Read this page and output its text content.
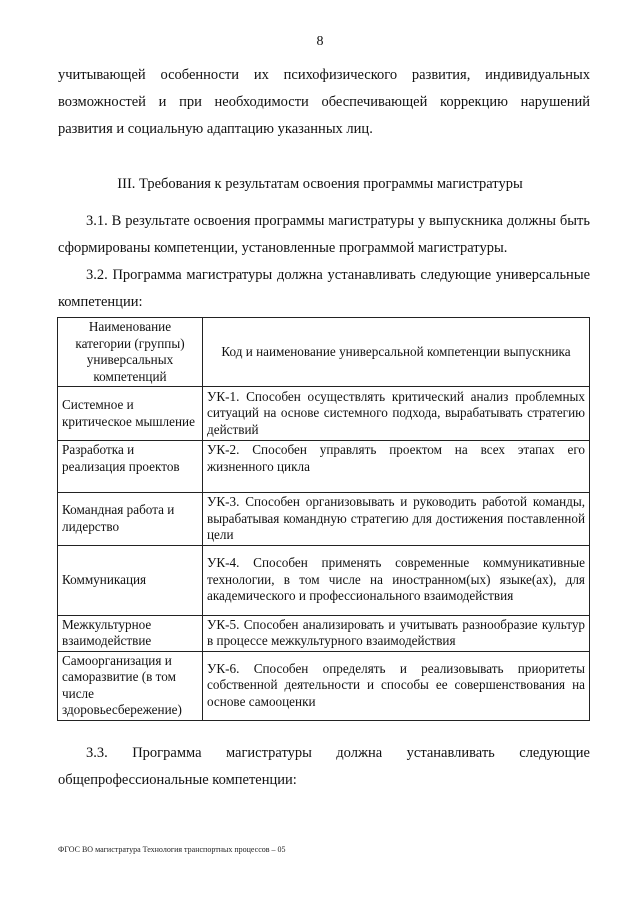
8
учитывающей особенности их психофизического развития, индивидуальных возможностей и при необходимости обеспечивающей коррекцию нарушений развития и социальную адаптацию указанных лиц.
III. Требования к результатам освоения программы магистратуры
3.1. В результате освоения программы магистратуры у выпускника должны быть сформированы компетенции, установленные программой магистратуры.
3.2. Программа магистратуры должна устанавливать следующие универсальные компетенции:
Наименование категории (группы) универсальных компетенций	Код и наименование универсальной компетенции выпускника
Системное и критическое мышление	УК-1. Способен осуществлять критический анализ проблемных ситуаций на основе системного подхода, вырабатывать стратегию действий
Разработка и реализация проектов	УК-2. Способен управлять проектом на всех этапах его жизненного цикла
Командная работа и лидерство	УК-3. Способен организовывать и руководить работой команды, вырабатывая командную стратегию для достижения поставленной цели
Коммуникация	УК-4. Способен применять современные коммуникативные технологии, в том числе на иностранном(ых) языке(ах), для академического и профессионального взаимодействия
Межкультурное взаимодействие	УК-5. Способен анализировать и учитывать разнообразие культур в процессе межкультурного взаимодействия
Самоорганизация и саморазвитие (в том числе здоровьесбережение)	УК-6. Способен определять и реализовывать приоритеты собственной деятельности и способы ее совершенствования на основе самооценки
3.3. Программа магистратуры должна устанавливать следующие общепрофессиональные компетенции:
ФГОС ВО магистратура Технология транспортных процессов – 05
